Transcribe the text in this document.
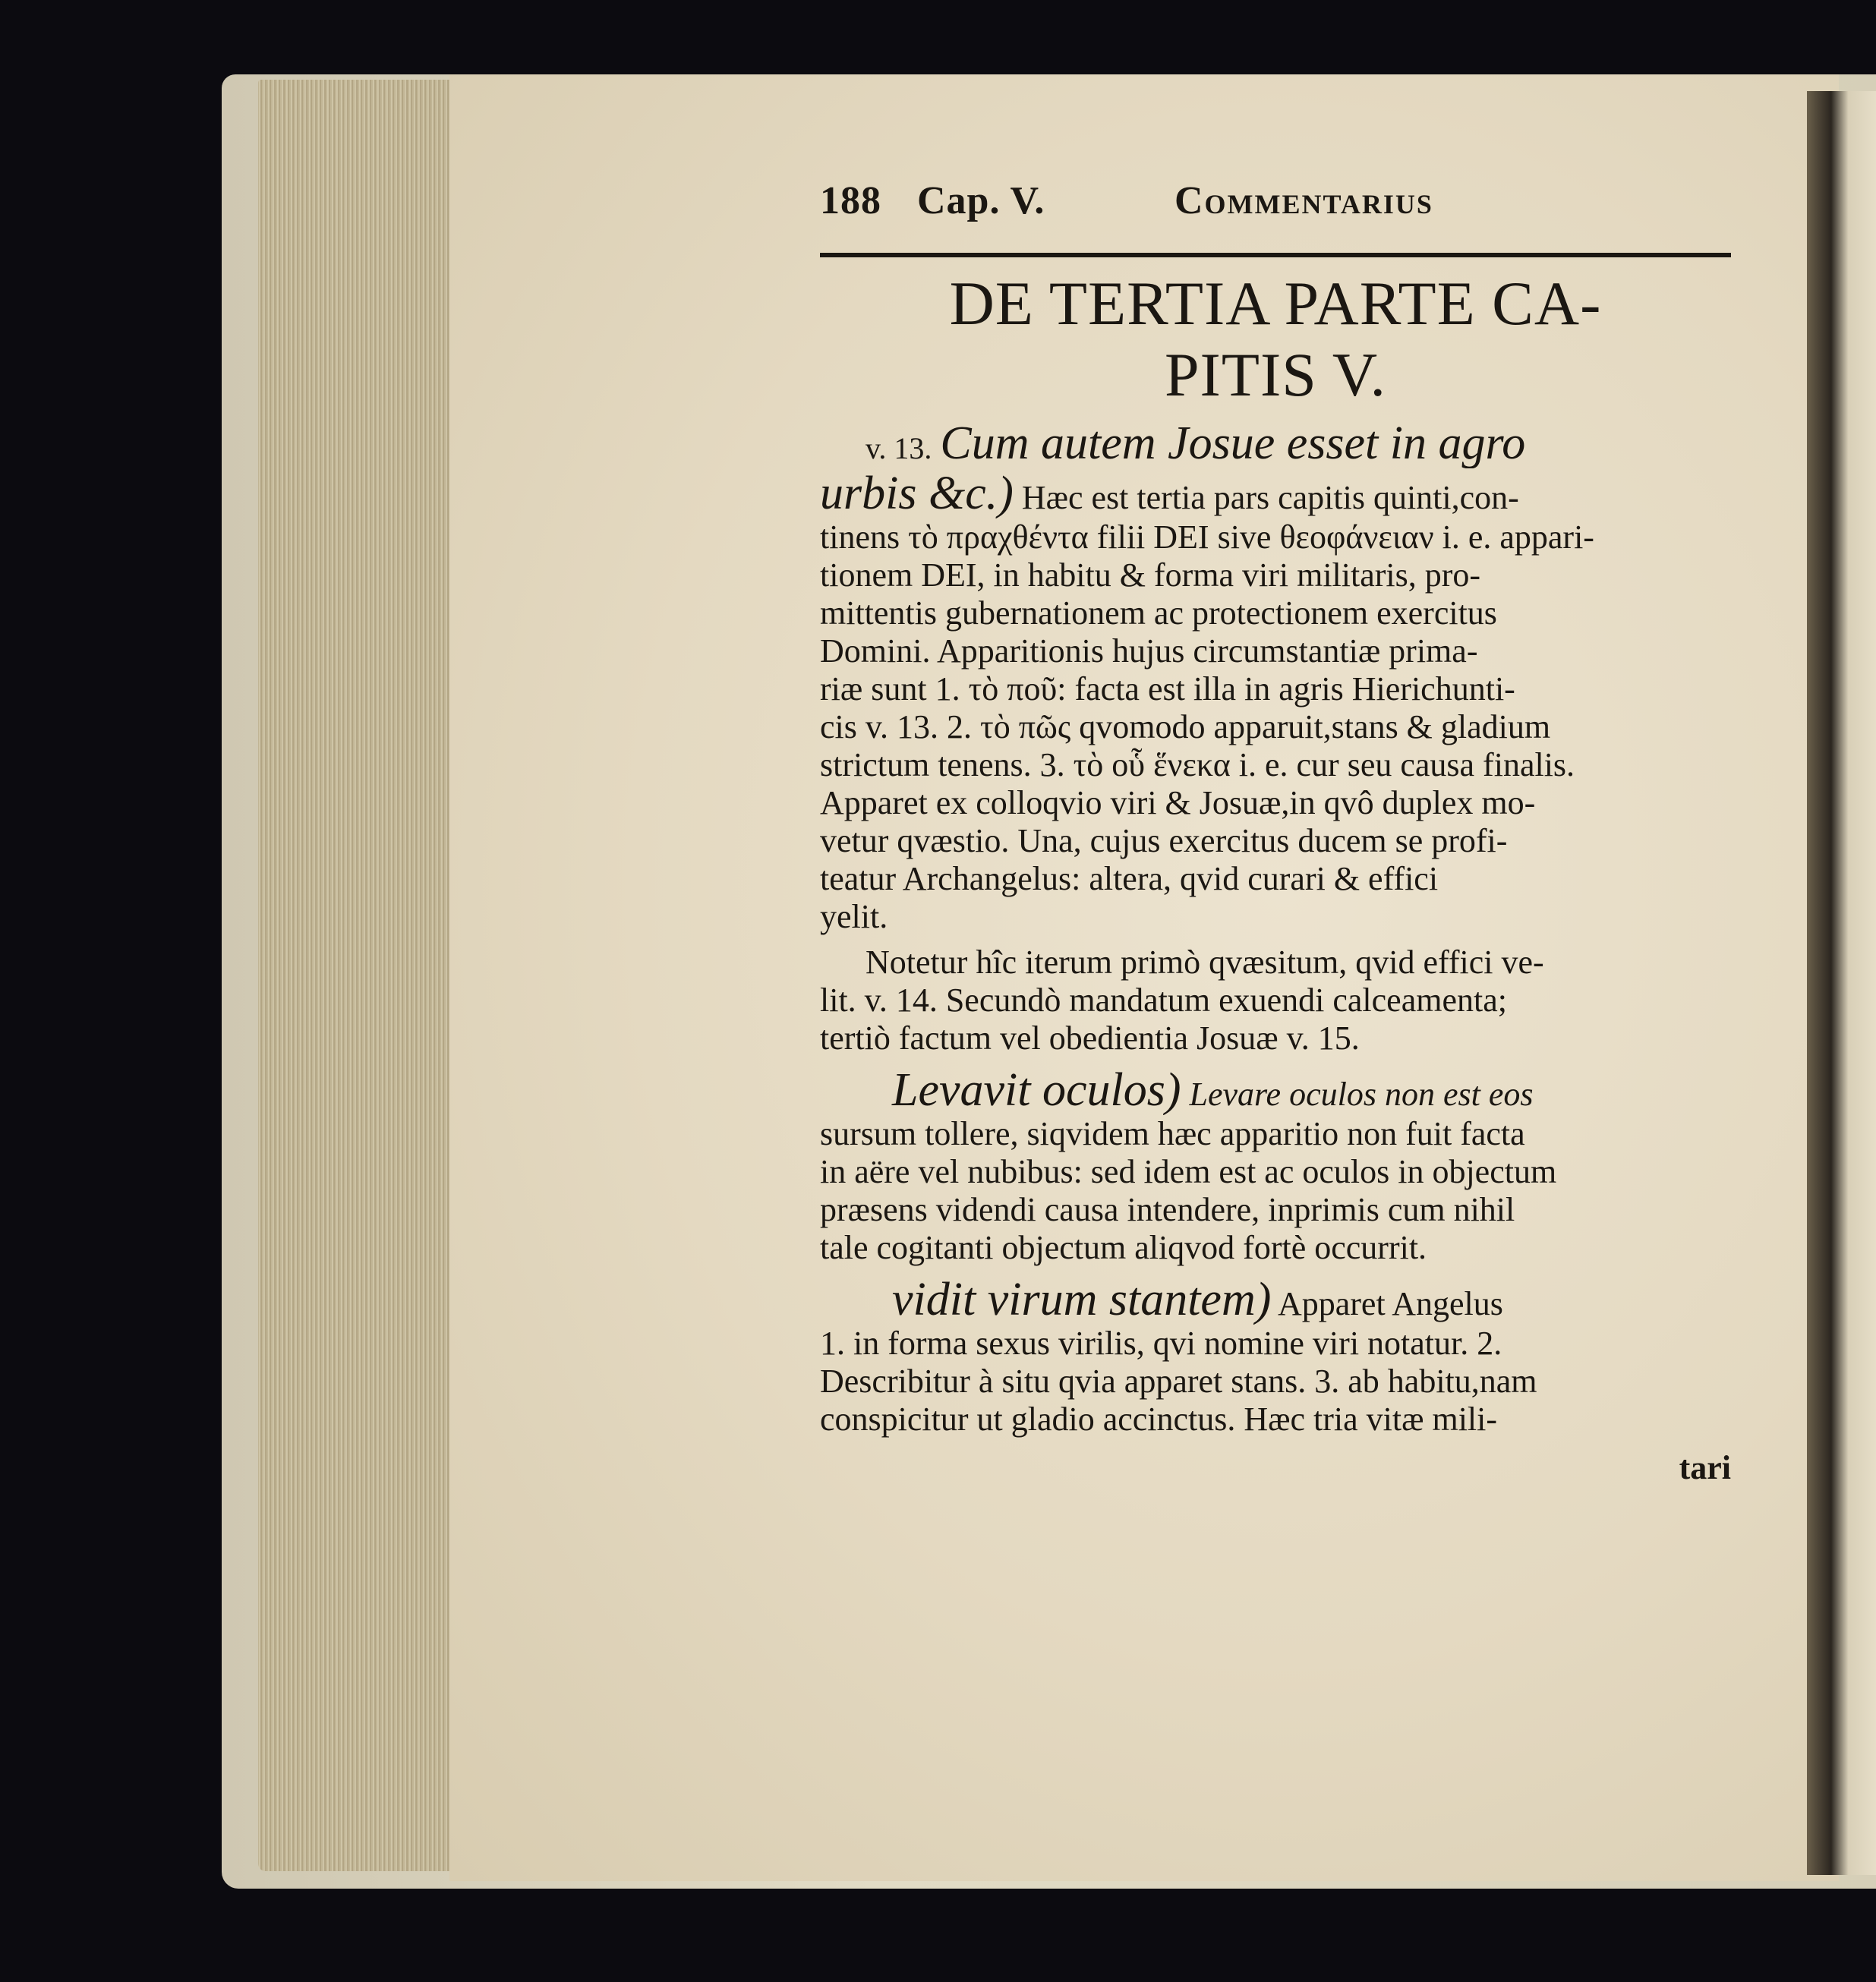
188 Cap. V.	Commentarius
DE TERTIA PARTE CA-
PITIS V.

v. 13. Cum autem Josue esset in agro
urbis &c.) Hæc est tertia pars capitis quinti,con-
tinens τὸ πραχθέντα filii DEI sive θεοφάνειαν i. e. appari-
tionem DEI, in habitu & forma viri militaris, pro-
mittentis gubernationem ac protectionem exercitus
Domini. Apparitionis hujus circumstantiæ prima-
riæ sunt 1. τὸ ποῦ: facta est illa in agris Hierichunti-
cis v. 13. 2. τὸ πῶς qvomodo apparuit,stans & gladium
strictum tenens. 3. τὸ οὗ ἕνεκα i. e. cur seu causa finalis.
Apparet ex colloqvio viri & Josuæ,in qvô duplex mo-
vetur qvæstio. Una, cujus exercitus ducem se profi-
teatur Archangelus: altera, qvid curari & effici
yelit.

Notetur hîc iterum primò qvæsitum, qvid effici ve-
lit. v. 14. Secundò mandatum exuendi calceamenta;
tertiò factum vel obedientia Josuæ v. 15.

Levavit oculos) Levare oculos non est eos
sursum tollere, siqvidem hæc apparitio non fuit facta
in aëre vel nubibus: sed idem est ac oculos in objectum
præsens videndi causa intendere, inprimis cum nihil
tale cogitanti objectum aliqvod fortè occurrit.

vidit virum stantem) Apparet Angelus
1. in forma sexus virilis, qvi nomine viri notatur. 2.
Describitur à situ qvia apparet stans. 3. ab habitu,nam
conspicitur ut gladio accinctus. Hæc tria vitæ mili-

tari
